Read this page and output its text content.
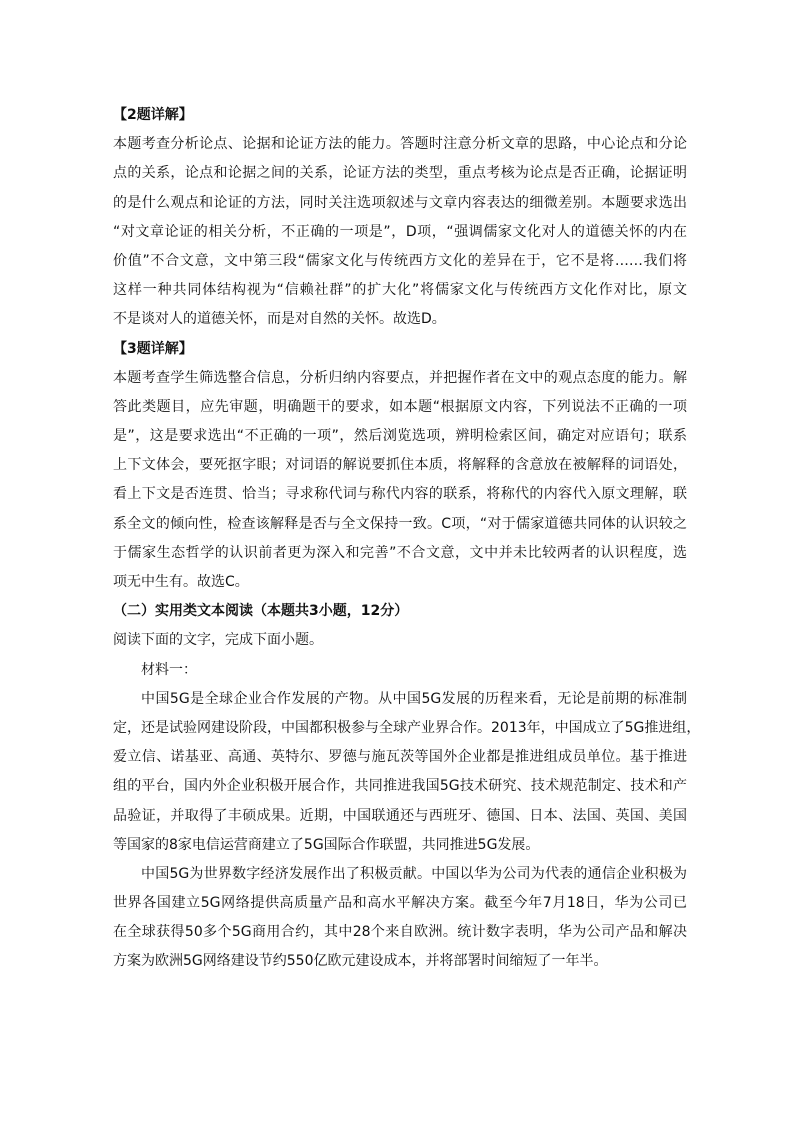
【2题详解】
本题考查分析论点、论据和论证方法的能力。答题时注意分析文章的思路，中心论点和分论
点的关系，论点和论据之间的关系，论证方法的类型，重点考核为论点是否正确，论据证明
的是什么观点和论证的方法，同时关注选项叙述与文章内容表达的细微差别。本题要求选出
“对文章论证的相关分析，不正确的一项是”，D项，“强调儒家文化对人的道德关怀的内在
价值”不合文意，文中第三段“儒家文化与传统西方文化的差异在于，它不是将……我们将
这样一种共同体结构视为“信赖社群”的扩大化”将儒家文化与传统西方文化作对比，原文
不是谈对人的道德关怀，而是对自然的关怀。故选D。
【3题详解】
本题考查学生筛选整合信息，分析归纳内容要点，并把握作者在文中的观点态度的能力。解
答此类题目，应先审题，明确题干的要求，如本题“根据原文内容，下列说法不正确的一项
是”，这是要求选出“不正确的一项”，然后浏览选项，辨明检索区间，确定对应语句；联系
上下文体会，要死抠字眼；对词语的解说要抓住本质，将解释的含意放在被解释的词语处，
看上下文是否连贯、恰当；寻求称代词与称代内容的联系，将称代的内容代入原文理解，联
系全文的倾向性，检查该解释是否与全文保持一致。C项，“对于儒家道德共同体的认识较之
于儒家生态哲学的认识前者更为深入和完善”不合文意，文中并未比较两者的认识程度，选
项无中生有。故选C。
（二）实用类文本阅读（本题共3小题，12分）
阅读下面的文字，完成下面小题。
材料一：
中国5G是全球企业合作发展的产物。从中国5G发展的历程来看，无论是前期的标准制
定，还是试验网建设阶段，中国都积极参与全球产业界合作。2013年，中国成立了5G推进组，
爱立信、诺基亚、高通、英特尔、罗德与施瓦茨等国外企业都是推进组成员单位。基于推进
组的平台，国内外企业积极开展合作，共同推进我国5G技术研究、技术规范制定、技术和产
品验证，并取得了丰硕成果。近期，中国联通还与西班牙、德国、日本、法国、英国、美国
等国家的8家电信运营商建立了5G国际合作联盟，共同推进5G发展。
中国5G为世界数字经济发展作出了积极贡献。中国以华为公司为代表的通信企业积极为
世界各国建立5G网络提供高质量产品和高水平解决方案。截至今年7月18日，华为公司已
在全球获得50多个5G商用合约，其中28个来自欧洲。统计数字表明，华为公司产品和解决
方案为欧洲5G网络建设节约550亿欧元建设成本，并将部署时间缩短了一年半。
